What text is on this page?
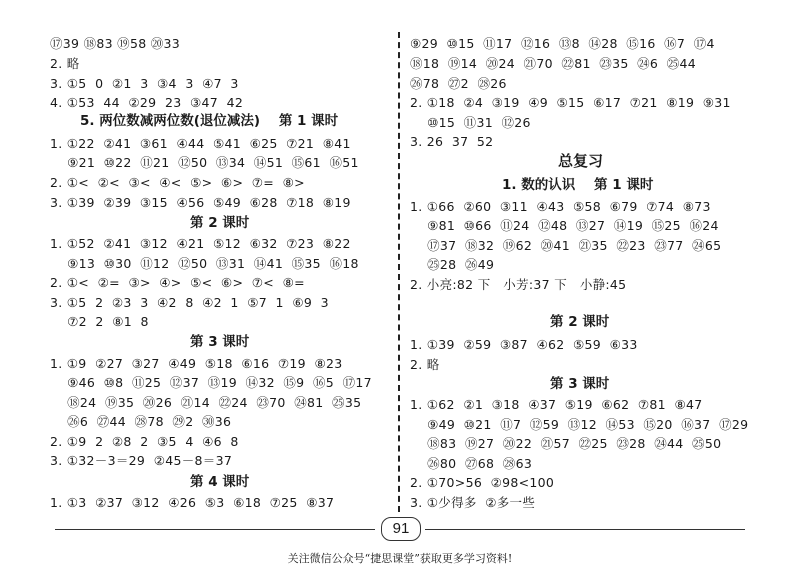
⑰39 ⑱83 ⑲58 ⑳33
2. 略
3. ①5  0  ②1  3  ③4  3  ④7  3
4. ①53  44  ②29  23  ③47  42
5. 两位数减两位数(退位减法)    第 1 课时
1. ①22  ②41  ③61  ④44  ⑤41  ⑥25  ⑦21  ⑧41
⑨21  ⑩22  ⑪21  ⑫50  ⑬34  ⑭51  ⑮61  ⑯51
2. ①<  ②<  ③<  ④<  ⑤>  ⑥>  ⑦=  ⑧>
3. ①39  ②39  ③15  ④56  ⑤49  ⑥28  ⑦18  ⑧19
第 2 课时
1. ①52  ②41  ③12  ④21  ⑤12  ⑥32  ⑦23  ⑧22
⑨13  ⑩30  ⑪12  ⑫50  ⑬31  ⑭41  ⑮35  ⑯18
2. ①<  ②=  ③>  ④>  ⑤<  ⑥>  ⑦<  ⑧=
3. ①5  2  ②3  3  ④2  8  ④2  1  ⑤7  1  ⑥9  3
⑦2  2  ⑧1  8
第 3 课时
1. ①9  ②27  ③27  ④49  ⑤18  ⑥16  ⑦19  ⑧23
⑨46  ⑩8  ⑪25  ⑫37  ⑬19  ⑭32  ⑮9  ⑯5  ⑰17
⑱24  ⑲35  ⑳26  ㉑14  ㉒24  ㉓70  ㉔81  ㉕35
㉖6  ㉗44  ㉘78  ㉙2  ㉚36
2. ①9  2  ②8  2  ③5  4  ④6  8
3. ①32－3＝29  ②45－8＝37
第 4 课时
1. ①3  ②37  ③12  ④26  ⑤3  ⑥18  ⑦25  ⑧37
⑨29  ⑩15  ⑪17  ⑫16  ⑬8  ⑭28  ⑮16  ⑯7  ⑰4
⑱18  ⑲14  ⑳24  ㉑70  ㉒81  ㉓35  ㉔6  ㉕44
㉖78  ㉗2  ㉘26
2. ①18  ②4  ③19  ④9  ⑤15  ⑥17  ⑦21  ⑧19  ⑨31
⑩15  ⑪31  ⑫26
3. 26  37  52
总复习
1. 数的认识    第 1 课时
1. ①66  ②60  ③11  ④43  ⑤58  ⑥79  ⑦74  ⑧73
⑨81  ⑩66  ⑪24  ⑫48  ⑬27  ⑭19  ⑮25  ⑯24
⑰37  ⑱32  ⑲62  ⑳41  ㉑35  ㉒23  ㉓77  ㉔65
㉕28  ㉖49
2. 小亮:82 下   小芳:37 下   小静:45
第 2 课时
1. ①39  ②59  ③87  ④62  ⑤59  ⑥33
2. 略
第 3 课时
1. ①62  ②1  ③18  ④37  ⑤19  ⑥62  ⑦81  ⑧47
⑨49  ⑩21  ⑪7  ⑫59  ⑬12  ⑭53  ⑮20  ⑯37  ⑰29
⑱83  ⑲27  ⑳22  ㉑57  ㉒25  ㉓28  ㉔44  ㉕50
㉖80  ㉗68  ㉘63
2. ①70>56  ②98<100
3. ①少得多  ②多一些
91
关注微信公众号“捷思课堂”获取更多学习资料!
